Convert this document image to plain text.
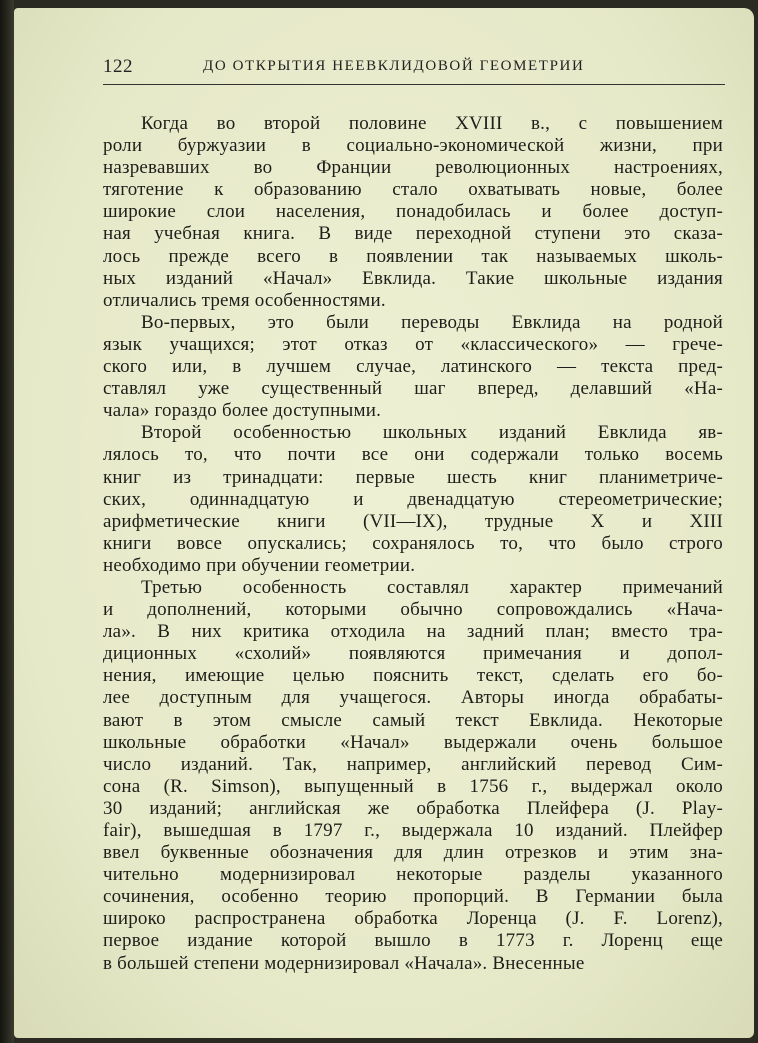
122	ДО ОТКРЫТИЯ НЕЕВКЛИДОВОЙ ГЕОМЕТРИИ
Когда во второй половине XVIII в., с повышением
роли буржуазии в социально-экономической жизни, при
назревавших во Франции революционных настроениях,
тяготение к образованию стало охватывать новые, более
широкие слои населения, понадобилась и более доступ-
ная учебная книга. В виде переходной ступени это сказа-
лось прежде всего в появлении так называемых школь-
ных изданий «Начал» Евклида. Такие школьные издания
отличались тремя особенностями.
Во-первых, это были переводы Евклида на родной
язык учащихся; этот отказ от «классического» — грече-
ского или, в лучшем случае, латинского — текста пред-
ставлял уже существенный шаг вперед, делавший «На-
чала» гораздо более доступными.
Второй особенностью школьных изданий Евклида яв-
лялось то, что почти все они содержали только восемь
книг из тринадцати: первые шесть книг планиметриче-
ских, одиннадцатую и двенадцатую стереометрические;
арифметические книги (VII—IX), трудные X и XIII
книги вовсе опускались; сохранялось то, что было строго
необходимо при обучении геометрии.
Третью особенность составлял характер примечаний
и дополнений, которыми обычно сопровождались «Нача-
ла». В них критика отходила на задний план; вместо тра-
диционных «схолий» появляются примечания и допол-
нения, имеющие целью пояснить текст, сделать его бо-
лее доступным для учащегося. Авторы иногда обрабаты-
вают в этом смысле самый текст Евклида. Некоторые
школьные обработки «Начал» выдержали очень большое
число изданий. Так, например, английский перевод Сим-
сона (R. Simson), выпущенный в 1756 г., выдержал около
30 изданий; английская же обработка Плейфера (J. Play-
fair), вышедшая в 1797 г., выдержала 10 изданий. Плейфер
ввел буквенные обозначения для длин отрезков и этим зна-
чительно модернизировал некоторые разделы указанного
сочинения, особенно теорию пропорций. В Германии была
широко распространена обработка Лоренца (J. F. Lorenz),
первое издание которой вышло в 1773 г. Лоренц еще
в большей степени модернизировал «Начала». Внесенные
